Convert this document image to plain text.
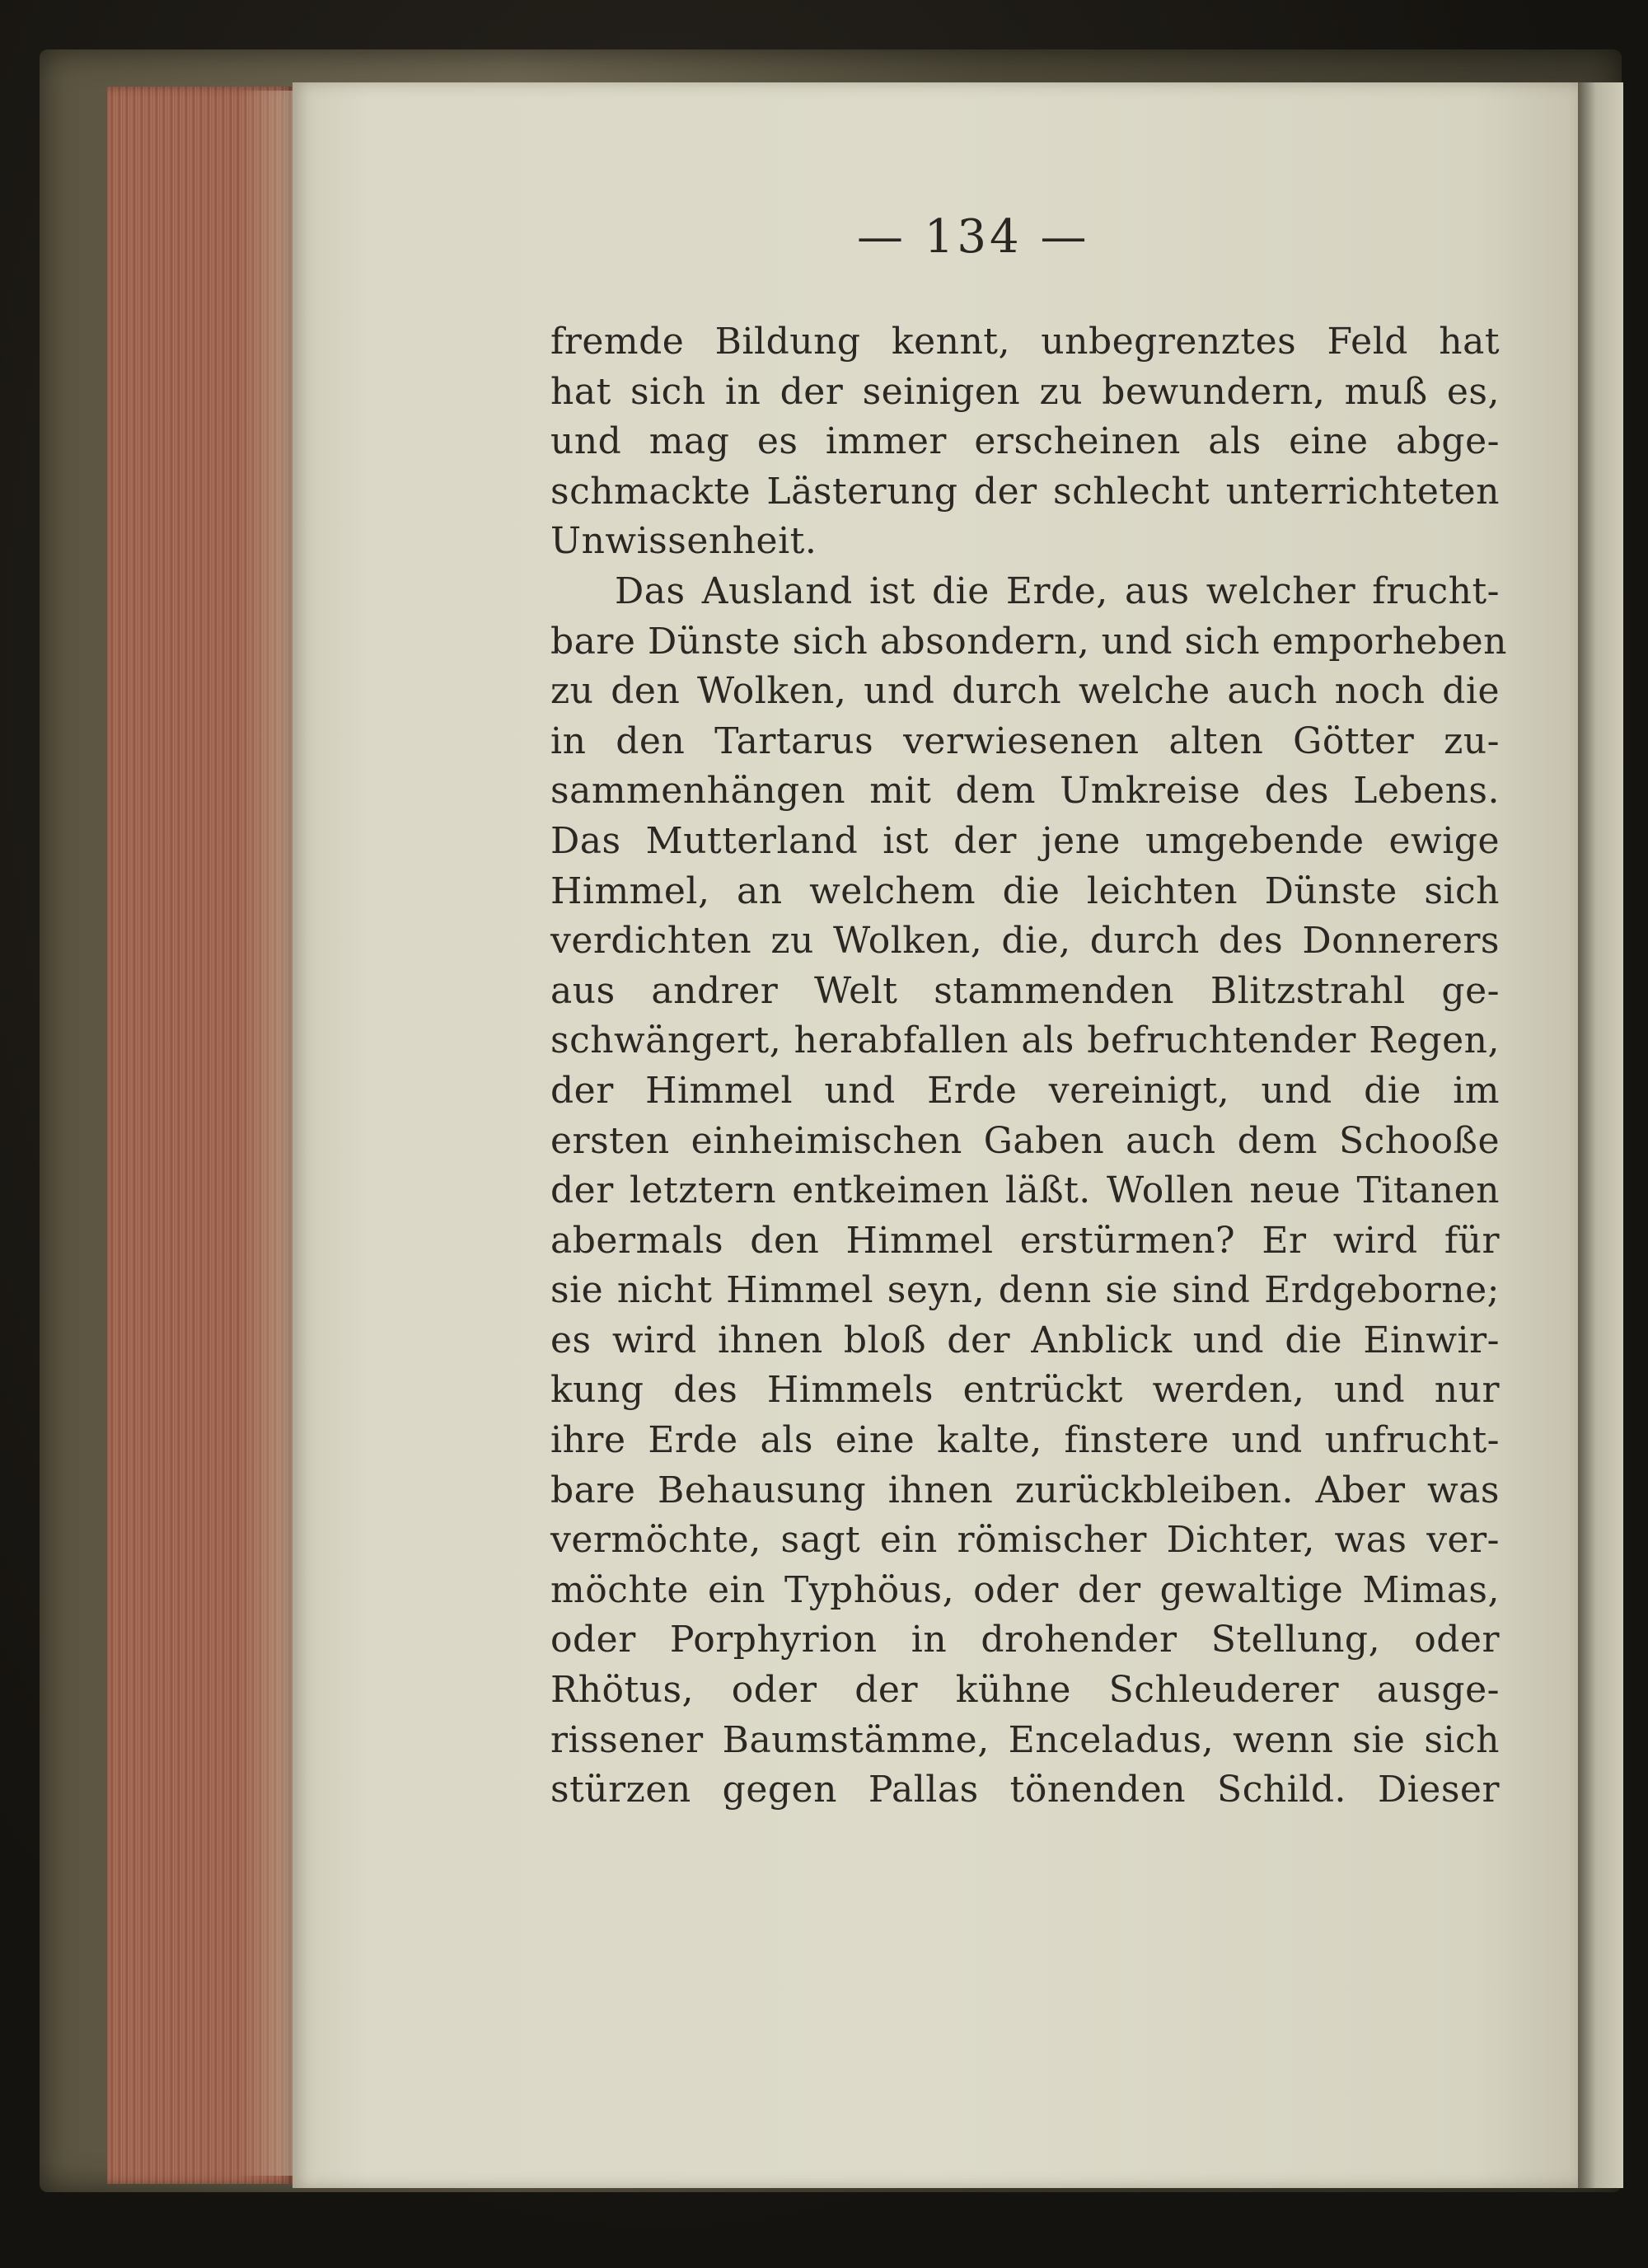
— 134 —
fremde Bildung kennt, unbegrenztes Feld hat
hat sich in der seinigen zu bewundern, muß es,
und mag es immer erscheinen als eine abge-
schmackte Lästerung der schlecht unterrichteten
Unwissenheit.
Das Ausland ist die Erde, aus welcher frucht-
bare Dünste sich absondern, und sich emporheben
zu den Wolken, und durch welche auch noch die
in den Tartarus verwiesenen alten Götter zu-
sammenhängen mit dem Umkreise des Lebens.
Das Mutterland ist der jene umgebende ewige
Himmel, an welchem die leichten Dünste sich
verdichten zu Wolken, die, durch des Donnerers
aus andrer Welt stammenden Blitzstrahl ge-
schwängert, herabfallen als befruchtender Regen,
der Himmel und Erde vereinigt, und die im
ersten einheimischen Gaben auch dem Schooße
der letztern entkeimen läßt. Wollen neue Titanen
abermals den Himmel erstürmen? Er wird für
sie nicht Himmel seyn, denn sie sind Erdgeborne;
es wird ihnen bloß der Anblick und die Einwir-
kung des Himmels entrückt werden, und nur
ihre Erde als eine kalte, finstere und unfrucht-
bare Behausung ihnen zurückbleiben. Aber was
vermöchte, sagt ein römischer Dichter, was ver-
möchte ein Typhöus, oder der gewaltige Mimas,
oder Porphyrion in drohender Stellung, oder
Rhötus, oder der kühne Schleuderer ausge-
rissener Baumstämme, Enceladus, wenn sie sich
stürzen gegen Pallas tönenden Schild. Dieser
